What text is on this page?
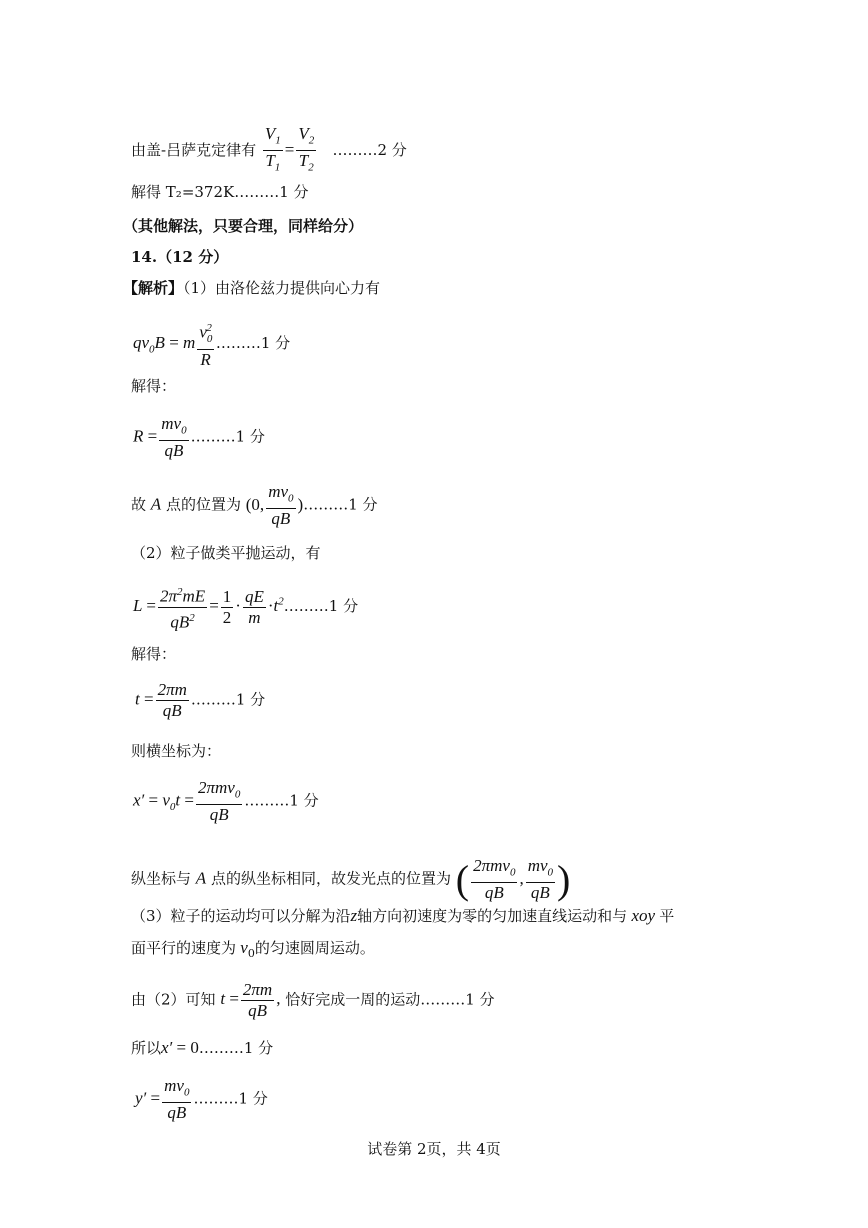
由盖-吕萨克定律有 $\frac{V_1}{T_1} = \frac{V_2}{T_2}$ ………2 分
解得 T₂=372K………1 分
（其他解法，只要合理，同样给分）
14.（12 分）
【解析】（1）由洛伦兹力提供向心力有
$qv_0B = m \frac{v_0^2}{R}$ ………1 分
解得：
$R = \frac{mv_0}{qB}$ ………1 分
故 A 点的位置为 (0, $\frac{mv_0}{qB}$ )………1 分
（2）粒子做类平抛运动，有
$L = \frac{2\pi^2mE}{qB^2} = \frac{1}{2} \cdot \frac{qE}{m}$ $\cdot t^2\dots\dots\dots 1$ 分
解得：
$t = \frac{2\pi m}{qB}$ ………1 分
则横坐标为：
$x' = v_0t = \frac{2\pi mv_0}{qB}$ ………1 分
纵坐标与 A 点的纵坐标相同，故发光点的位置为 ( $\frac{2\pi mv_0}{qB}$ , $\frac{mv_0}{qB}$ )
（3）粒子的运动均可以分解为沿z轴方向初速度为零的匀加速直线运动和与 xoy 平
面平行的速度为 $v_0$的匀速圆周运动。
由（2）可知 $t = \frac{2\pi m}{qB}$ , 恰好完成一周的运动………1 分
所以x′ = 0………1 分
$y' = \frac{mv_0}{qB}$ ………1 分
试卷第 2页，共 4页
